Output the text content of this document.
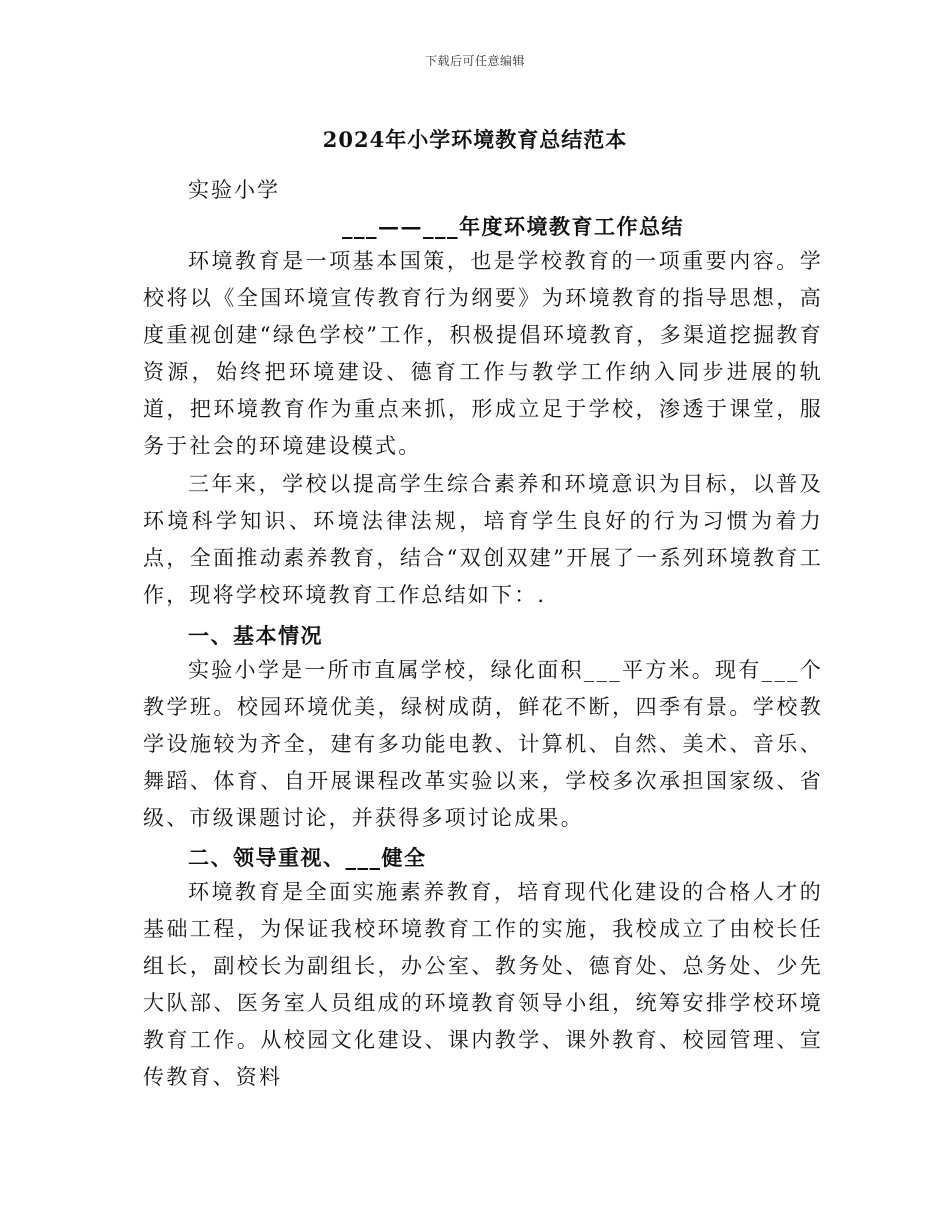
下载后可任意编辑
2024年小学环境教育总结范本
实验小学
___——___年度环境教育工作总结

环境教育是一项基本国策，也是学校教育的一项重要内容。学校将以《全国环境宣传教育行为纲要》为环境教育的指导思想，高度重视创建“绿色学校”工作，积极提倡环境教育，多渠道挖掘教育资源，始终把环境建设、德育工作与教学工作纳入同步进展的轨道，把环境教育作为重点来抓，形成立足于学校，渗透于课堂，服务于社会的环境建设模式。

三年来，学校以提高学生综合素养和环境意识为目标，以普及环境科学知识、环境法律法规，培育学生良好的行为习惯为着力点，全面推动素养教育，结合“双创双建”开展了一系列环境教育工作，现将学校环境教育工作总结如下：.

一、基本情况

实验小学是一所市直属学校，绿化面积___平方米。现有___个教学班。校园环境优美，绿树成荫，鲜花不断，四季有景。学校教学设施较为齐全，建有多功能电教、计算机、自然、美术、音乐、舞蹈、体育、自开展课程改革实验以来，学校多次承担国家级、省级、市级课题讨论，并获得多项讨论成果。

二、领导重视、___健全

环境教育是全面实施素养教育，培育现代化建设的合格人才的基础工程，为保证我校环境教育工作的实施，我校成立了由校长任组长，副校长为副组长，办公室、教务处、德育处、总务处、少先大队部、医务室人员组成的环境教育领导小组，统筹安排学校环境教育工作。从校园文化建设、课内教学、课外教育、校园管理、宣传教育、资料
